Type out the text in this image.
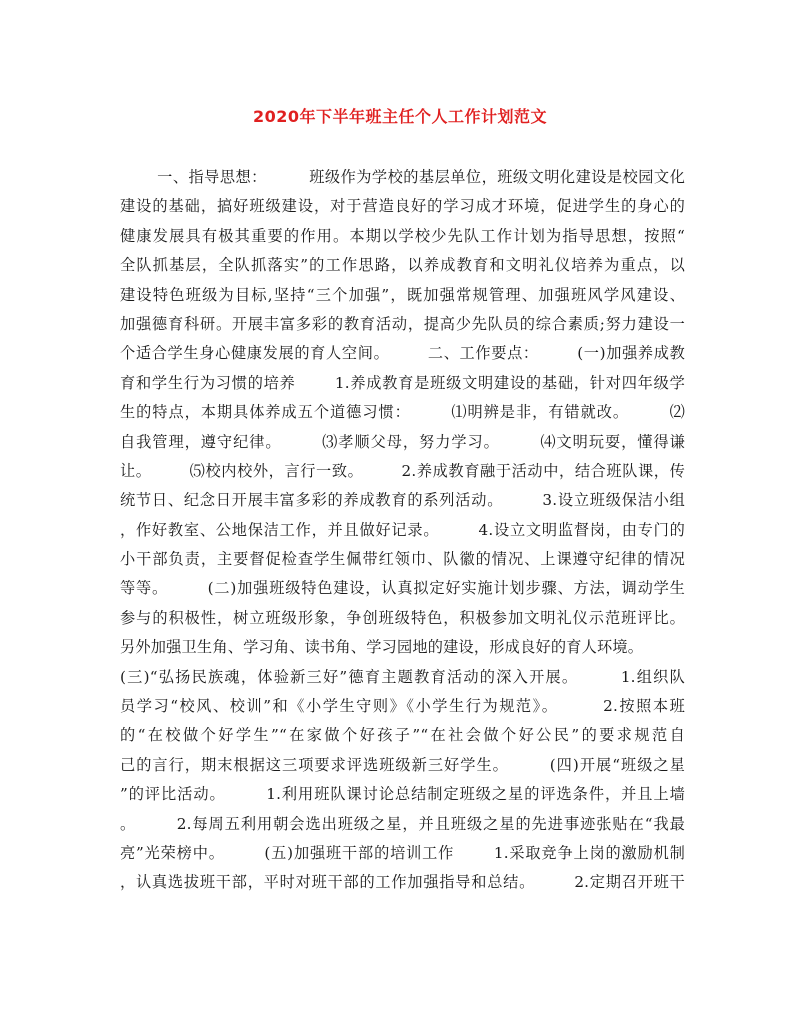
2020年下半年班主任个人工作计划范文
一、指导思想：        班级作为学校的基层单位，班级文明化建设是校园文化
建设的基础，搞好班级建设，对于营造良好的学习成才环境，促进学生的身心的
健康发展具有极其重要的作用。本期以学校少先队工作计划为指导思想，按照“
全队抓基层，全队抓落实”的工作思路，以养成教育和文明礼仪培养为重点，以
建设特色班级为目标,坚持“三个加强”，既加强常规管理、加强班风学风建设、
加强德育科研。开展丰富多彩的教育活动，提高少先队员的综合素质;努力建设一
个适合学生身心健康发展的育人空间。       二、工作要点：       (一)加强养成教
育和学生行为习惯的培养       1.养成教育是班级文明建设的基础，针对四年级学
生的特点，本期具体养成五个道德习惯：       ⑴明辨是非，有错就改。       ⑵
自我管理，遵守纪律。       ⑶孝顺父母，努力学习。       ⑷文明玩耍，懂得谦
让。       ⑸校内校外，言行一致。       2.养成教育融于活动中，结合班队课，传
统节日、纪念日开展丰富多彩的养成教育的系列活动。       3.设立班级保洁小组
，作好教室、公地保洁工作，并且做好记录。       4.设立文明监督岗，由专门的
小干部负责，主要督促检查学生佩带红领巾、队徽的情况、上课遵守纪律的情况
等等。       (二)加强班级特色建设，认真拟定好实施计划步骤、方法，调动学生
参与的积极性，树立班级形象，争创班级特色，积极参加文明礼仪示范班评比。
另外加强卫生角、学习角、读书角、学习园地的建设，形成良好的育人环境。
(三)“弘扬民族魂，体验新三好”德育主题教育活动的深入开展。       1.组织队
员学习“校风、校训”和《小学生守则》《小学生行为规范》。       2.按照本班
的“在校做个好学生”“在家做个好孩子”“在社会做个好公民”的要求规范自
己的言行，期末根据这三项要求评选班级新三好学生。       (四)开展“班级之星
”的评比活动。       1.利用班队课讨论总结制定班级之星的评选条件，并且上墙
。       2.每周五利用朝会选出班级之星，并且班级之星的先进事迹张贴在“我最
亮”光荣榜中。       (五)加强班干部的培训工作       1.采取竞争上岗的激励机制
，认真选拔班干部，平时对班干部的工作加强指导和总结。       2.定期召开班干
